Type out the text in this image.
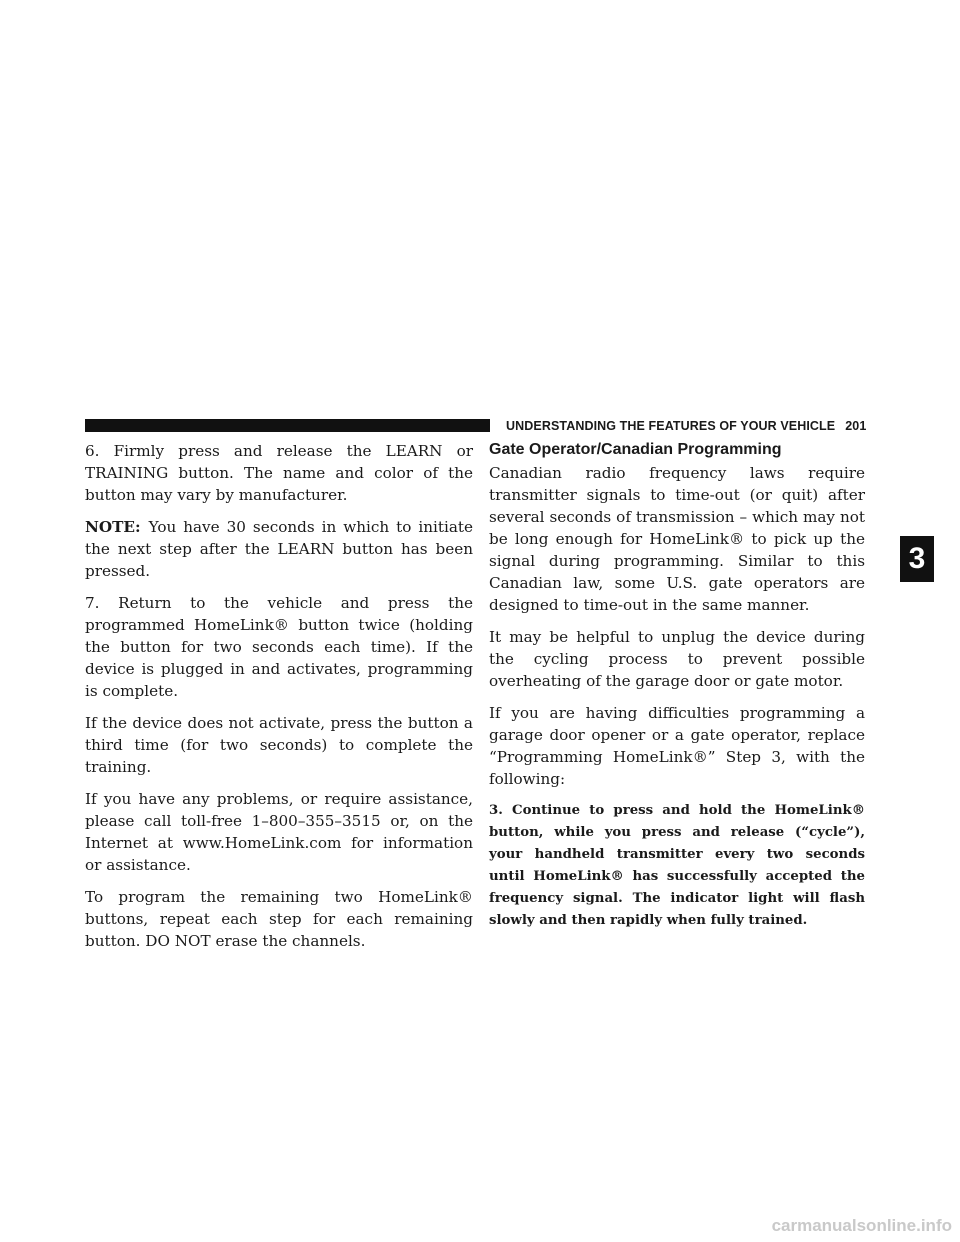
UNDERSTANDING THE FEATURES OF YOUR VEHICLE 201

6. Firmly press and release the LEARN or TRAINING button. The name and color of the button may vary by manufacturer.

NOTE: You have 30 seconds in which to initiate the next step after the LEARN button has been pressed.

7. Return to the vehicle and press the programmed HomeLink® button twice (holding the button for two seconds each time). If the device is plugged in and activates, programming is complete.

If the device does not activate, press the button a third time (for two seconds) to complete the training.

If you have any problems, or require assistance, please call toll-free 1–800–355–3515 or, on the Internet at www.HomeLink.com for information or assistance.

To program the remaining two HomeLink® buttons, repeat each step for each remaining button. DO NOT erase the channels.

Gate Operator/Canadian Programming

Canadian radio frequency laws require transmitter signals to time-out (or quit) after several seconds of transmission – which may not be long enough for HomeLink® to pick up the signal during programming. Similar to this Canadian law, some U.S. gate operators are designed to time-out in the same manner.

It may be helpful to unplug the device during the cycling process to prevent possible overheating of the garage door or gate motor.

If you are having difficulties programming a garage door opener or a gate operator, replace “Programming HomeLink®” Step 3, with the following:

3. Continue to press and hold the HomeLink® button, while you press and release (“cycle”), your handheld transmitter every two seconds until HomeLink® has successfully accepted the frequency signal. The indicator light will flash slowly and then rapidly when fully trained.

3
carmanualsonline.info
